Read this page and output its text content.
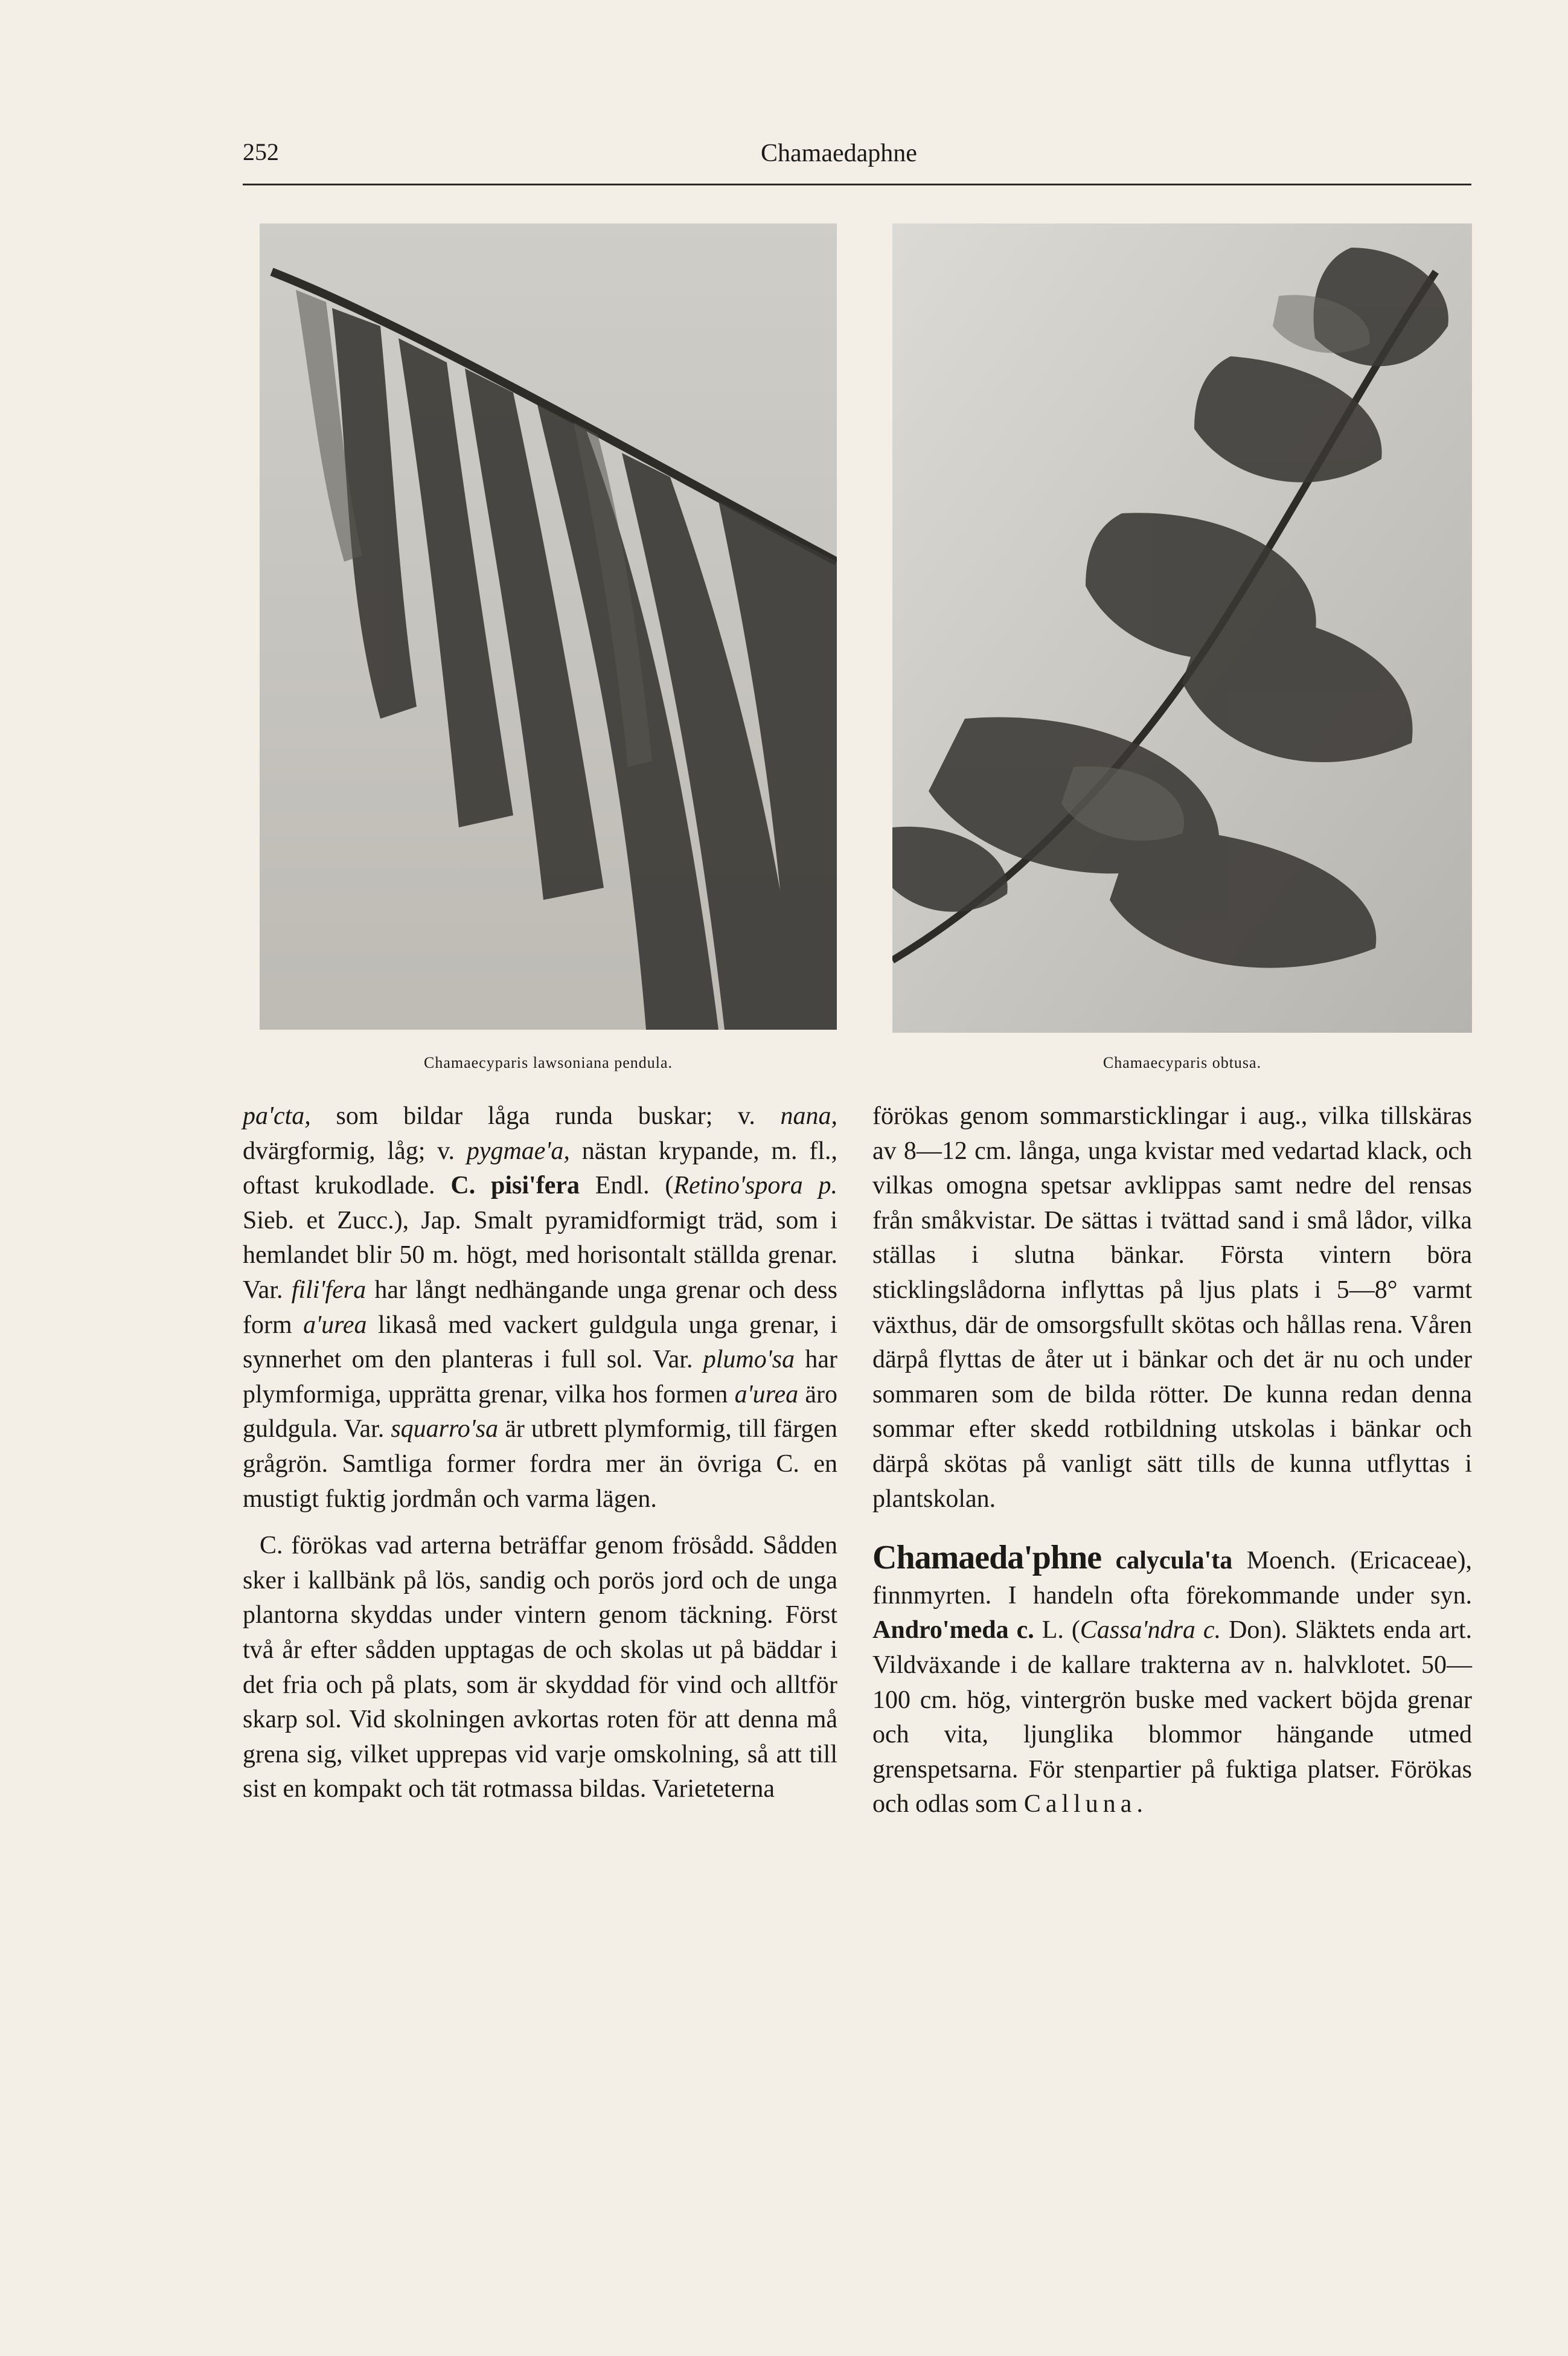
252	Chamaedaphne
Chamaecyparis lawsoniana pendula.	Chamaecyparis obtusa.

pa'cta, som bildar låga runda buskar; v. nana, dvärgformig, låg; v. pygmae'a, nästan krypande, m. fl., oftast krukodlade. C. pisi'fera Endl. (Retino'spora p. Sieb. et Zucc.), Jap. Smalt pyramidformigt träd, som i hemlandet blir 50 m. högt, med horisontalt ställda grenar. Var. fili'fera har långt nedhängande unga grenar och dess form a'urea likaså med vackert guldgula unga grenar, i synnerhet om den planteras i full sol. Var. plumo'sa har plymformiga, upprätta grenar, vilka hos formen a'urea äro guldgula. Var. squarro'sa är utbrett plymformig, till färgen grågrön. Samtliga former fordra mer än övriga C. en mustigt fuktig jordmån och varma lägen.

C. förökas vad arterna beträffar genom frösådd. Sådden sker i kallbänk på lös, sandig och porös jord och de unga plantorna skyddas under vintern genom täckning. Först två år efter sådden upptagas de och skolas ut på bäddar i det fria och på plats, som är skyddad för vind och alltför skarp sol. Vid skolningen avkortas roten för att denna må grena sig, vilket upprepas vid varje omskolning, så att till sist en kompakt och tät rotmassa bildas. Varieteterna

förökas genom sommarsticklingar i aug., vilka tillskäras av 8—12 cm. långa, unga kvistar med vedartad klack, och vilkas omogna spetsar avklippas samt nedre del rensas från småkvistar. De sättas i tvättad sand i små lådor, vilka ställas i slutna bänkar. Första vintern böra sticklingslådorna inflyttas på ljus plats i 5—8° varmt växthus, där de omsorgsfullt skötas och hållas rena. Våren därpå flyttas de åter ut i bänkar och det är nu och under sommaren som de bilda rötter. De kunna redan denna sommar efter skedd rotbildning utskolas i bänkar och därpå skötas på vanligt sätt tills de kunna utflyttas i plantskolan.

Chamaeda'phne calycula'ta Moench. (Ericaceae), finnmyrten. I handeln ofta förekommande under syn. Andro'meda c. L. (Cassa'ndra c. Don). Släktets enda art. Vildväxande i de kallare trakterna av n. halvklotet. 50—100 cm. hög, vintergrön buske med vackert böjda grenar och vita, ljunglika blommor hängande utmed grenspetsarna. För stenpartier på fuktiga platser. Förökas och odlas som Calluna.
